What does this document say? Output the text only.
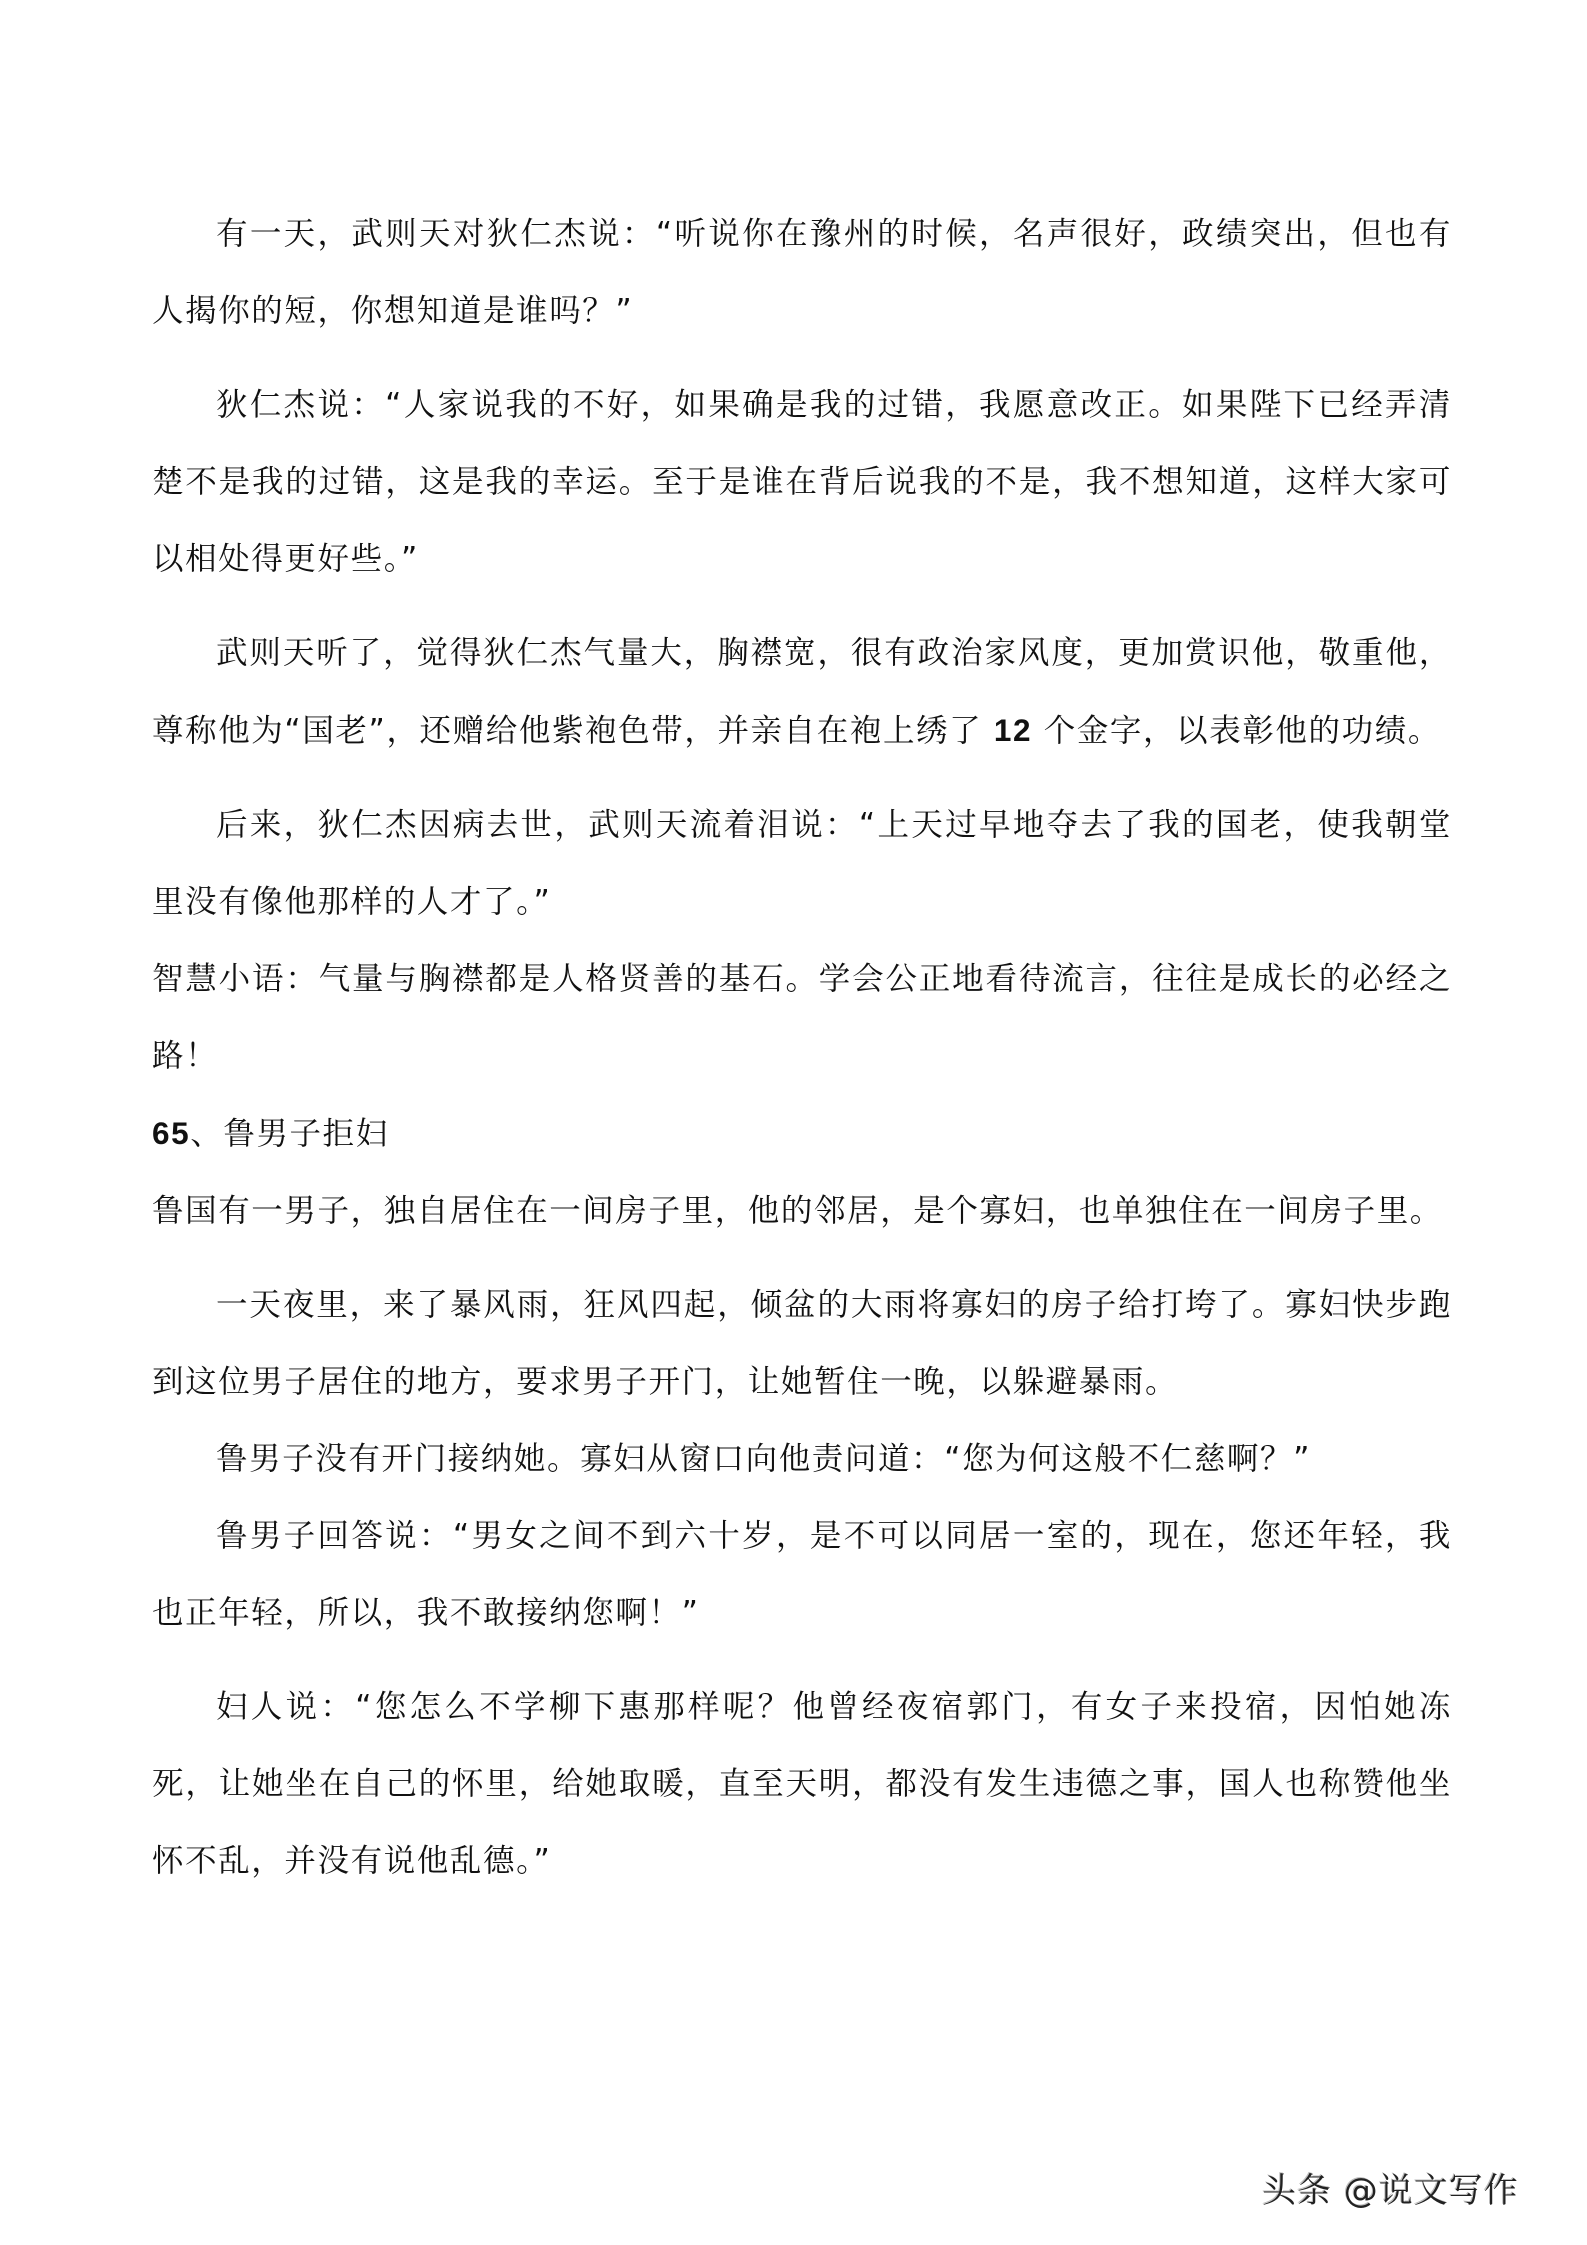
有一天，武则天对狄仁杰说：“听说你在豫州的时候，名声很好，政绩突出，但也有人揭你的短，你想知道是谁吗？”

狄仁杰说：“人家说我的不好，如果确是我的过错，我愿意改正。如果陛下已经弄清楚不是我的过错，这是我的幸运。至于是谁在背后说我的不是，我不想知道，这样大家可以相处得更好些。”

武则天听了，觉得狄仁杰气量大，胸襟宽，很有政治家风度，更加赏识他，敬重他，尊称他为“国老”，还赠给他紫袍色带，并亲自在袍上绣了 12 个金字，以表彰他的功绩。

后来，狄仁杰因病去世，武则天流着泪说：“上天过早地夺去了我的国老，使我朝堂里没有像他那样的人才了。”

智慧小语：气量与胸襟都是人格贤善的基石。学会公正地看待流言，往往是成长的必经之路！

65、鲁男子拒妇

鲁国有一男子，独自居住在一间房子里，他的邻居，是个寡妇，也单独住在一间房子里。

一天夜里，来了暴风雨，狂风四起，倾盆的大雨将寡妇的房子给打垮了。寡妇快步跑到这位男子居住的地方，要求男子开门，让她暂住一晚，以躲避暴雨。

鲁男子没有开门接纳她。寡妇从窗口向他责问道：“您为何这般不仁慈啊？”

鲁男子回答说：“男女之间不到六十岁，是不可以同居一室的，现在，您还年轻，我也正年轻，所以，我不敢接纳您啊！”

妇人说：“您怎么不学柳下惠那样呢？他曾经夜宿郭门，有女子来投宿，因怕她冻死，让她坐在自己的怀里，给她取暖，直至天明，都没有发生违德之事，国人也称赞他坐怀不乱，并没有说他乱德。”

头条 @说文写作
